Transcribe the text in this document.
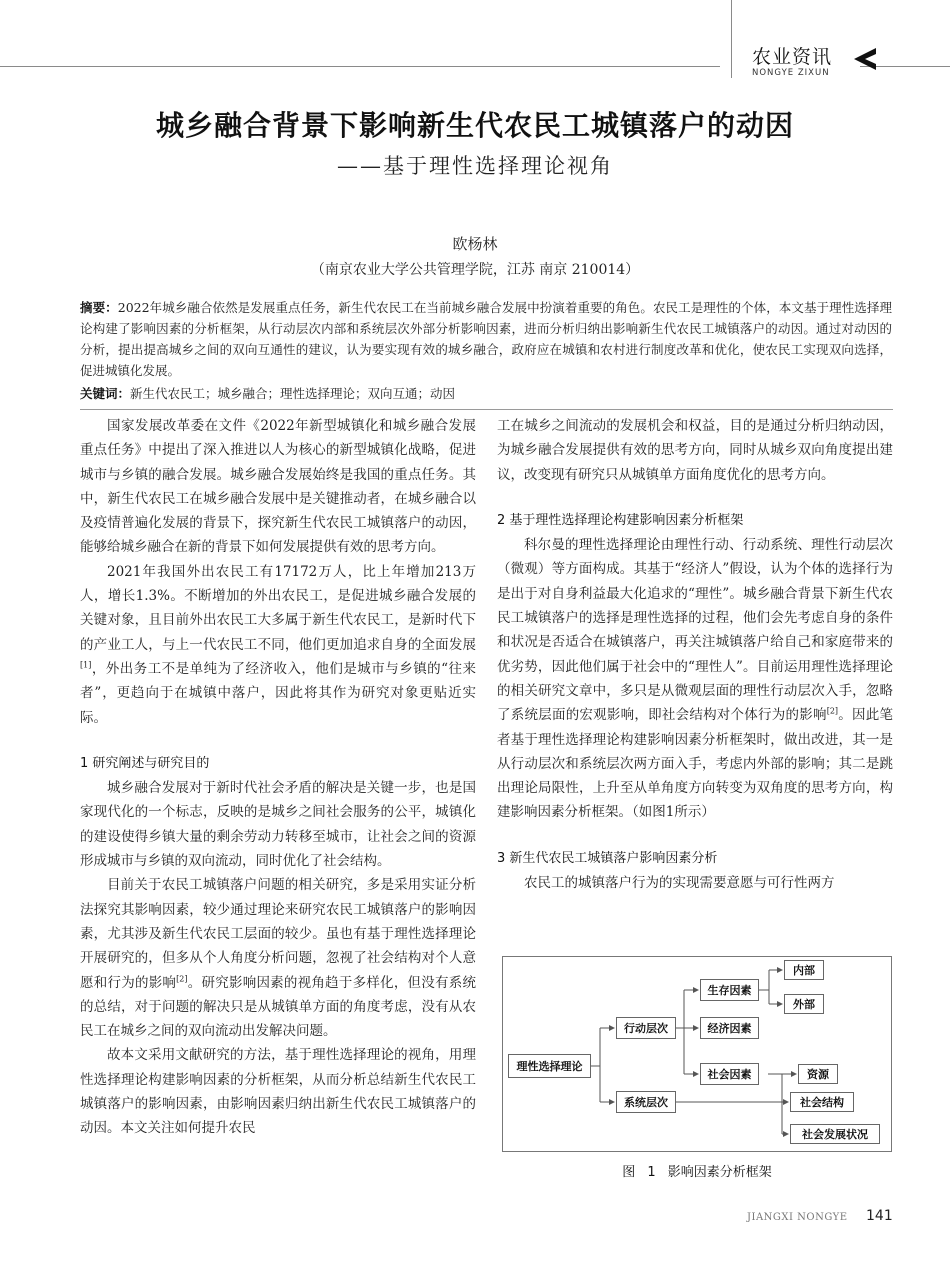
农业资讯
NONGYE ZIXUN
城乡融合背景下影响新生代农民工城镇落户的动因
——基于理性选择理论视角
欧杨林
（南京农业大学公共管理学院，江苏 南京 210014）
摘要：2022年城乡融合依然是发展重点任务，新生代农民工在当前城乡融合发展中扮演着重要的角色。农民工是理性的个体，本文基于理性选择理论构建了影响因素的分析框架，从行动层次内部和系统层次外部分析影响因素，进而分析归纳出影响新生代农民工城镇落户的动因。通过对动因的分析，提出提高城乡之间的双向互通性的建议，认为要实现有效的城乡融合，政府应在城镇和农村进行制度改革和优化，使农民工实现双向选择，促进城镇化发展。
关键词：新生代农民工；城乡融合；理性选择理论；双向互通；动因

国家发展改革委在文件《2022年新型城镇化和城乡融合发展重点任务》中提出了深入推进以人为核心的新型城镇化战略，促进城市与乡镇的融合发展。城乡融合发展始终是我国的重点任务。其中，新生代农民工在城乡融合发展中是关键推动者，在城乡融合以及疫情普遍化发展的背景下，探究新生代农民工城镇落户的动因，能够给城乡融合在新的背景下如何发展提供有效的思考方向。

2021年我国外出农民工有17172万人，比上年增加213万人，增长1.3%。不断增加的外出农民工，是促进城乡融合发展的关键对象，且目前外出农民工大多属于新生代农民工，是新时代下的产业工人，与上一代农民工不同，他们更加追求自身的全面发展[1]，外出务工不是单纯为了经济收入，他们是城市与乡镇的“往来者”，更趋向于在城镇中落户，因此将其作为研究对象更贴近实际。

1 研究阐述与研究目的

城乡融合发展对于新时代社会矛盾的解决是关键一步，也是国家现代化的一个标志，反映的是城乡之间社会服务的公平，城镇化的建设使得乡镇大量的剩余劳动力转移至城市，让社会之间的资源形成城市与乡镇的双向流动，同时优化了社会结构。

目前关于农民工城镇落户问题的相关研究，多是采用实证分析法探究其影响因素，较少通过理论来研究农民工城镇落户的影响因素，尤其涉及新生代农民工层面的较少。虽也有基于理性选择理论开展研究的，但多从个人角度分析问题，忽视了社会结构对个人意愿和行为的影响[2]。研究影响因素的视角趋于多样化，但没有系统的总结，对于问题的解决只是从城镇单方面的角度考虑，没有从农民工在城乡之间的双向流动出发解决问题。

故本文采用文献研究的方法，基于理性选择理论的视角，用理性选择理论构建影响因素的分析框架，从而分析总结新生代农民工城镇落户的影响因素，由影响因素归纳出新生代农民工城镇落户的动因。本文关注如何提升农民

工在城乡之间流动的发展机会和权益，目的是通过分析归纳动因，为城乡融合发展提供有效的思考方向，同时从城乡双向角度提出建议，改变现有研究只从城镇单方面角度优化的思考方向。

2 基于理性选择理论构建影响因素分析框架

科尔曼的理性选择理论由理性行动、行动系统、理性行动层次（微观）等方面构成。其基于“经济人”假设，认为个体的选择行为是出于对自身利益最大化追求的“理性”。城乡融合背景下新生代农民工城镇落户的选择是理性选择的过程，他们会先考虑自身的条件和状况是否适合在城镇落户，再关注城镇落户给自己和家庭带来的优劣势，因此他们属于社会中的“理性人”。目前运用理性选择理论的相关研究文章中，多只是从微观层面的理性行动层次入手，忽略了系统层面的宏观影响，即社会结构对个体行为的影响[2]。因此笔者基于理性选择理论构建影响因素分析框架时，做出改进，其一是从行动层次和系统层次两方面入手，考虑内外部的影响；其二是跳出理论局限性，上升至从单角度方向转变为双角度的思考方向，构建影响因素分析框架。（如图1所示）

3 新生代农民工城镇落户影响因素分析

农民工的城镇落户行为的实现需要意愿与可行性两方

理性选择理论
行动层次
系统层次
生存因素
经济因素
社会因素
内部
外部
资源
社会结构
社会发展状况
图 1 影响因素分析框架
JIANGXI NONGYE 141
